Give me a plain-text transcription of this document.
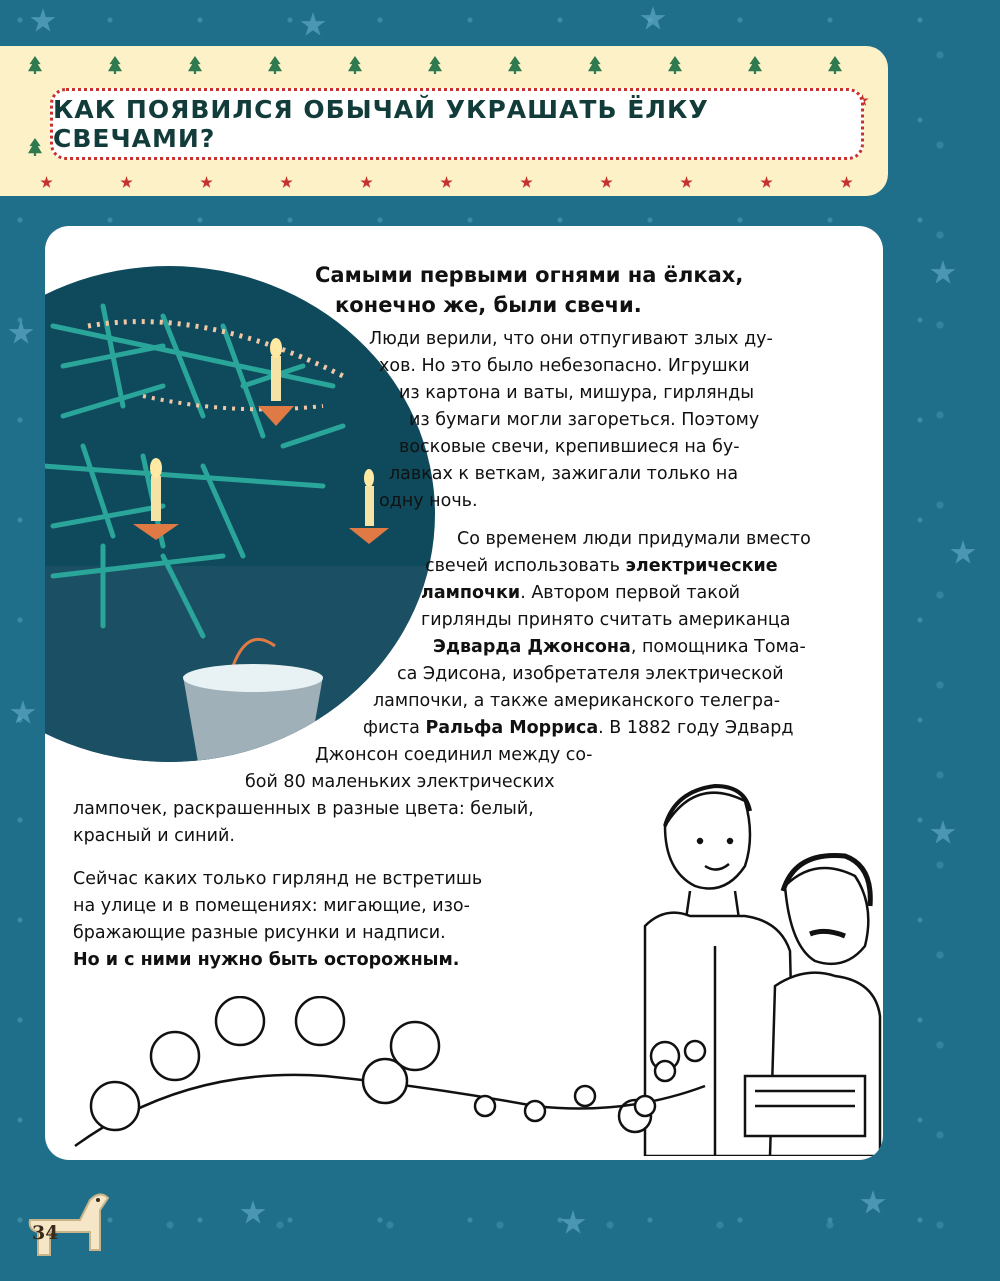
КАК ПОЯВИЛСЯ ОБЫЧАЙ УКРАШАТЬ ЁЛКУ СВЕЧАМИ?

Самыми первыми огнями на ёлках,

конечно же, были свечи.

Люди верили, что они отпугивают злых ду-

хов. Но это было небезопасно. Игрушки

из картона и ваты, мишура, гирлянды

из бумаги могли загореться. Поэтому

восковые свечи, крепившиеся на бу-

лавках к веткам, зажигали только на

одну ночь.

Со временем люди придумали вместо

свечей использовать электрические

лампочки. Автором первой такой

гирлянды принято считать американца

Эдварда Джонсона, помощника Тома-

са Эдисона, изобретателя электрической

лампочки, а также американского телегра-

фиста Ральфа Морриса. В 1882 году Эдвард

Джонсон соединил между со-

бой 80 маленьких электрических

лампочек, раскрашенных в разные цвета: белый,

красный и синий.

Сейчас каких только гирлянд не встретишь

на улице и в помещениях: мигающие, изо-

бражающие разные рисунки и надписи.

Но и с ними нужно быть осторожным.

34
